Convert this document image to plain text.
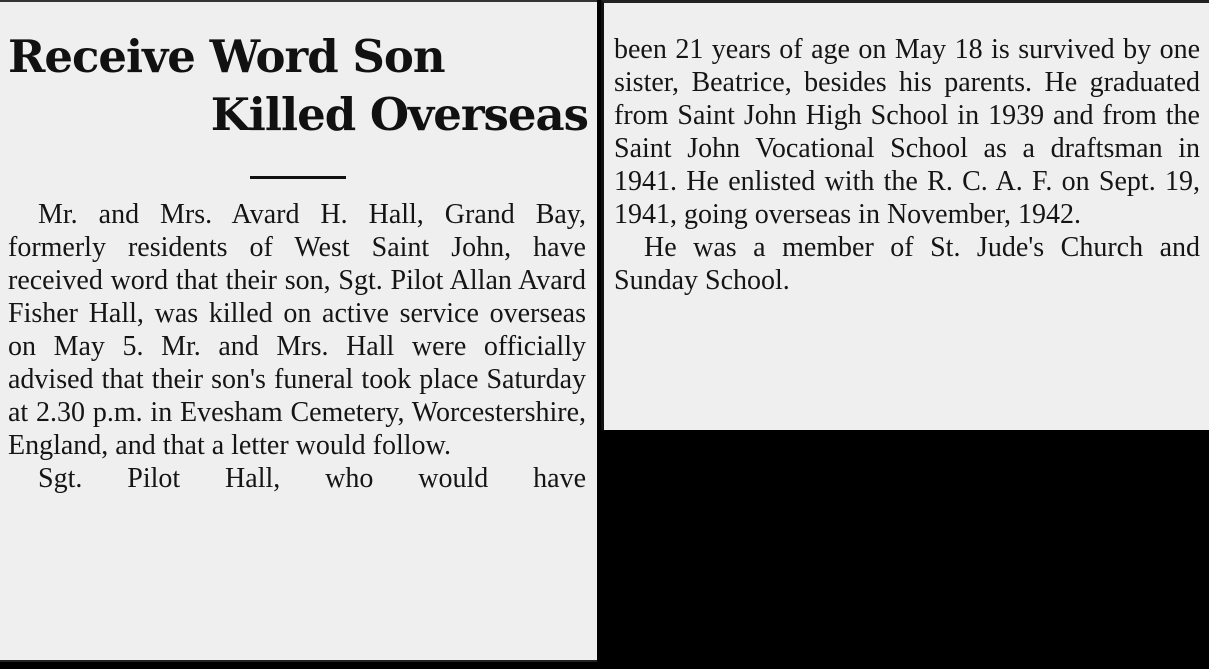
Receive Word Son
Killed Overseas

Mr. and Mrs. Avard H. Hall, Grand Bay, formerly residents of West Saint John, have received word that their son, Sgt. Pilot Allan Avard Fisher Hall, was killed on active service overseas on May 5. Mr. and Mrs. Hall were officially advised that their son's funeral took place Saturday at 2.30 p.m. in Evesham Cemetery, Worcestershire, England, and that a letter would follow.

Sgt. Pilot Hall, who would have

been 21 years of age on May 18 is survived by one sister, Beatrice, besides his parents. He graduated from Saint John High School in 1939 and from the Saint John Vocational School as a draftsman in 1941. He enlisted with the R. C. A. F. on Sept. 19, 1941, going overseas in November, 1942.

He was a member of St. Jude's Church and Sunday School.
